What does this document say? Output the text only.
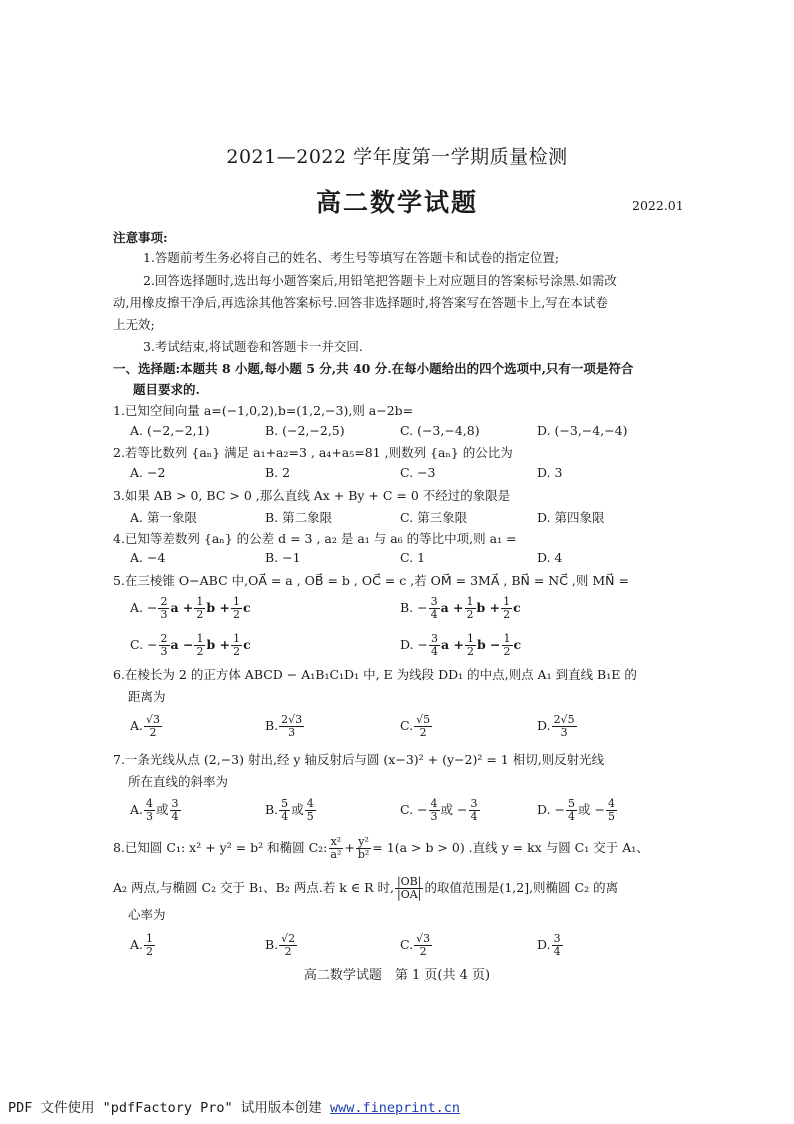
2021—2022 学年度第一学期质量检测
高二数学试题	2022.01
注意事项:
1.答题前考生务必将自己的姓名、考生号等填写在答题卡和试卷的指定位置;
2.回答选择题时,选出每小题答案后,用铅笔把答题卡上对应题目的答案标号涂黑.如需改
动,用橡皮擦干净后,再选涂其他答案标号.回答非选择题时,将答案写在答题卡上,写在本试卷
上无效;
3.考试结束,将试题卷和答题卡一并交回.
一、选择题:本题共 8 小题,每小题 5 分,共 40 分.在每小题给出的四个选项中,只有一项是符合
题目要求的.
1.已知空间向量 a=(−1,0,2),b=(1,2,−3),则 a−2b=
A. (−2,−2,1)	B. (−2,−2,5)	C. (−3,−4,8)	D. (−3,−4,−4)
2.若等比数列 {aₙ} 满足 a₁+a₂=3 , a₄+a₅=81 ,则数列 {aₙ} 的公比为
A. −2	B. 2	C. −3	D. 3
3.如果 AB > 0, BC > 0 ,那么直线 Ax + By + C = 0 不经过的象限是
A. 第一象限	B. 第二象限	C. 第三象限	D. 第四象限
4.已知等差数列 {aₙ} 的公差 d = 3 , a₂ 是 a₁ 与 a₆ 的等比中项,则 a₁ =
A. −4	B. −1	C. 1	D. 4
5.在三棱锥 O−ABC 中,OA⃗ = a , OB⃗ = b , OC⃗ = c ,若 OM⃗ = 3MA⃗ , BN⃗ = NC⃗ ,则 MN⃗ =
A. − $\frac{2}{3}$ $a + \frac{1}{2}$ $b + \frac{1}{2}$ c	B. − $\frac{3}{4}$ $a + \frac{1}{2}$ $b + \frac{1}{2}$ c
C. − $\frac{2}{3}$ $a - \frac{1}{2}$ $b + \frac{1}{2}$ c	D. − $\frac{3}{4}$ $a + \frac{1}{2}$ $b - \frac{1}{2}$ c
6.在棱长为 2 的正方体 ABCD − A₁B₁C₁D₁ 中, E 为线段 DD₁ 的中点,则点 A₁ 到直线 B₁E 的
距离为
A. $\frac{√3}{2}$	B. $\frac{2√3}{3}$	C. $\frac{√5}{2}$	D. $\frac{2√5}{3}$
7.一条光线从点 (2,−3) 射出,经 y 轴反射后与圆 (x−3)² + (y−2)² = 1 相切,则反射光线
所在直线的斜率为
A. $\frac{4}{3}$ 或 $\frac{3}{4}$	B. $\frac{5}{4}$ 或 $\frac{4}{5}$	C. − $\frac{4}{3}$ 或 − $\frac{3}{4}$	D. − $\frac{5}{4}$ 或 − $\frac{4}{5}$
8.已知圆 C₁: x² + y² = b² 和椭圆 C₂: $\frac{\text{x²}}{\text{a²}} + \frac{\text{y²}}{\text{b²}} = 1(a > b > 0)$ .直线 y = kx 与圆 C₁ 交于 A₁、
A₂ 两点,与椭圆 C₂ 交于 B₁、B₂ 两点.若 k ∈ R 时, $\frac{|OB|}{|OA|}$ 的取值范围是(1,2],则椭圆 C₂ 的离
心率为
A. $\frac{1}{2}$	B. $\frac{√2}{2}$	C. $\frac{√3}{2}$	D. $\frac{3}{4}$
高二数学试题　第 1 页(共 4 页)
PDF 文件使用 "pdfFactory Pro" 试用版本创建 www.fineprint.cn
